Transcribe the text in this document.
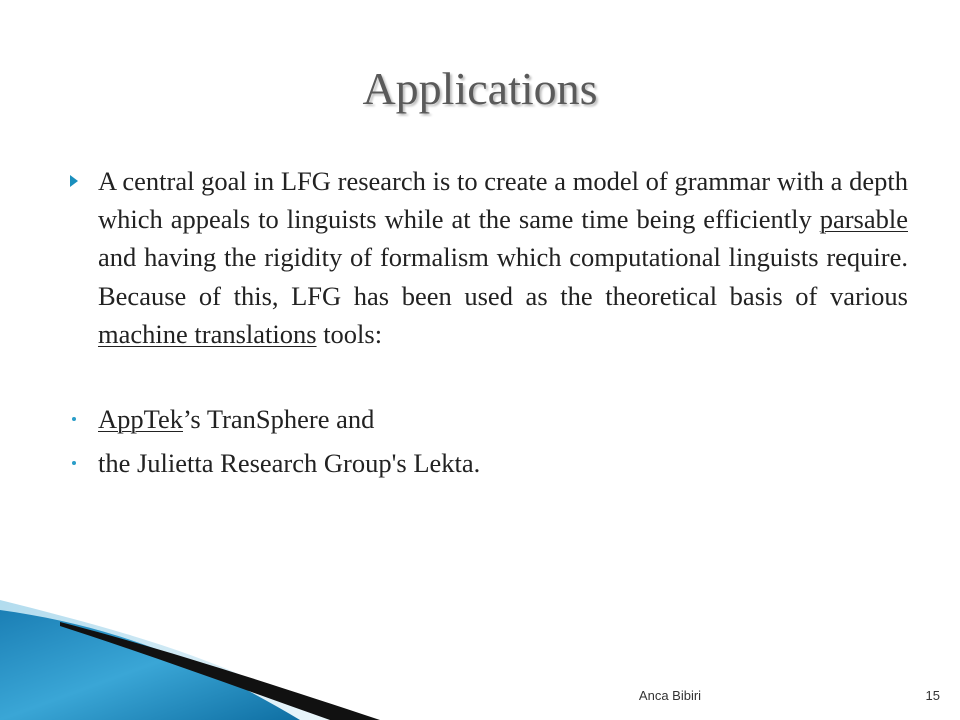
Applications
A central goal in LFG research is to create a model of grammar with a depth which appeals to linguists while at the same time being efficiently parsable and having the rigidity of formalism which computational linguists require. Because of this, LFG has been used as the theoretical basis of various machine translations tools:
AppTek’s TranSphere and
the Julietta Research Group's Lekta.
Anca Bibiri	15
